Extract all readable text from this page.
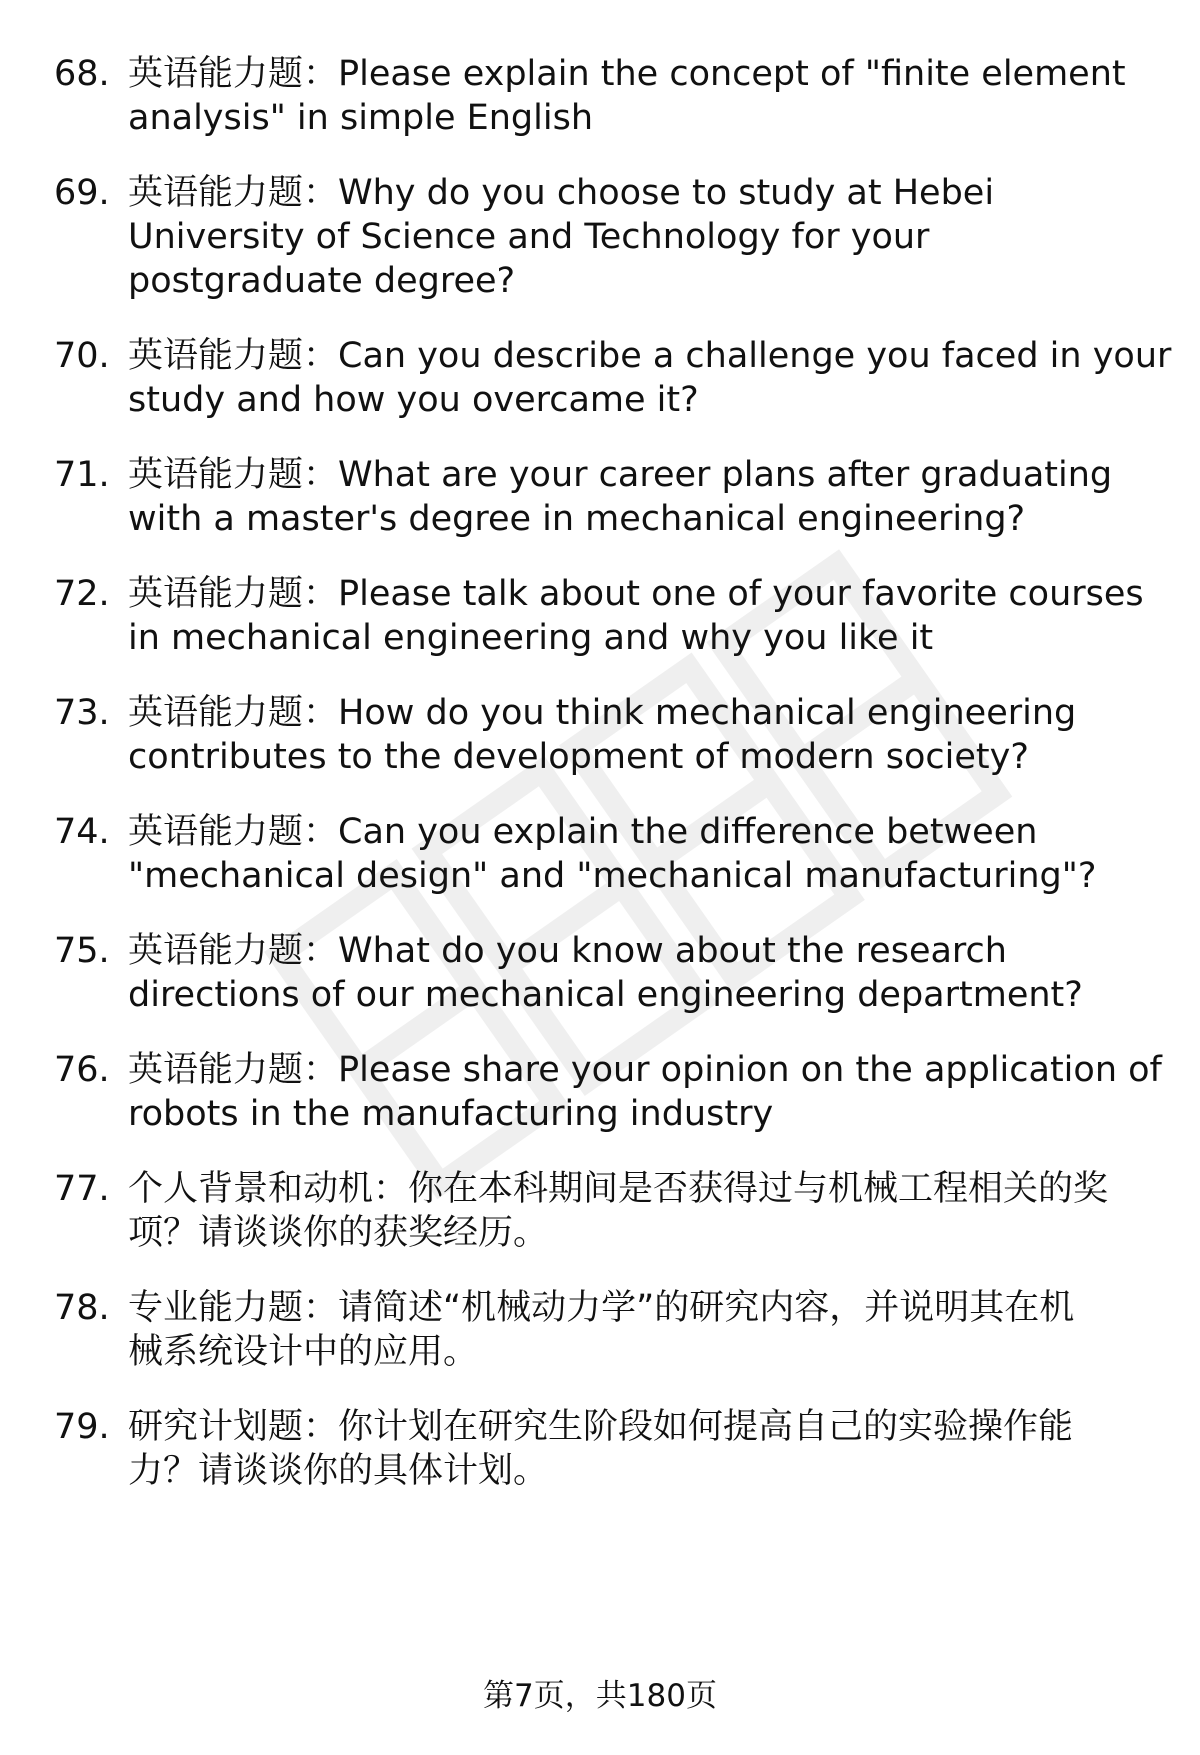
68. 英语能力题：Please explain the concept of "finite element
analysis" in simple English
69. 英语能力题：Why do you choose to study at Hebei
University of Science and Technology for your
postgraduate degree?
70. 英语能力题：Can you describe a challenge you faced in your
study and how you overcame it?
71. 英语能力题：What are your career plans after graduating
with a master's degree in mechanical engineering?
72. 英语能力题：Please talk about one of your favorite courses
in mechanical engineering and why you like it
73. 英语能力题：How do you think mechanical engineering
contributes to the development of modern society?
74. 英语能力题：Can you explain the difference between
"mechanical design" and "mechanical manufacturing"?
75. 英语能力题：What do you know about the research
directions of our mechanical engineering department?
76. 英语能力题：Please share your opinion on the application of
robots in the manufacturing industry
77. 个人背景和动机：你在本科期间是否获得过与机械工程相关的奖
项？请谈谈你的获奖经历。
78. 专业能力题：请简述“机械动力学”的研究内容，并说明其在机
械系统设计中的应用。
79. 研究计划题：你计划在研究生阶段如何提高自己的实验操作能
力？请谈谈你的具体计划。
第7页，共180页
